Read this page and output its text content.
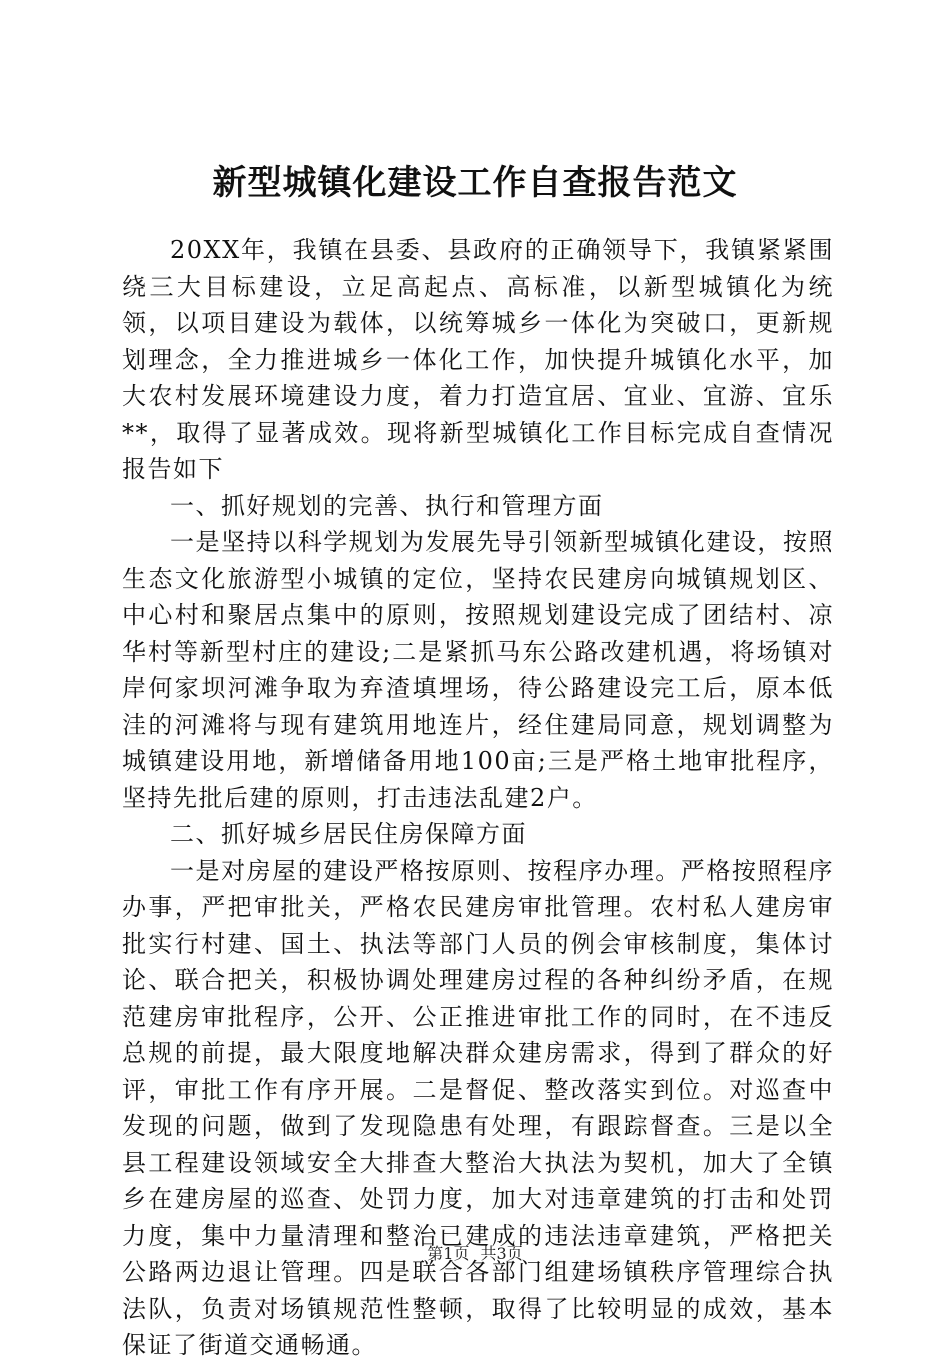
新型城镇化建设工作自查报告范文

20XX年，我镇在县委、县政府的正确领导下，我镇紧紧围绕三大目标建设，立足高起点、高标准，以新型城镇化为统领，以项目建设为载体，以统筹城乡一体化为突破口，更新规划理念，全力推进城乡一体化工作，加快提升城镇化水平，加大农村发展环境建设力度，着力打造宜居、宜业、宜游、宜乐**，取得了显著成效。现将新型城镇化工作目标完成自查情况报告如下

一、抓好规划的完善、执行和管理方面

一是坚持以科学规划为发展先导引领新型城镇化建设，按照生态文化旅游型小城镇的定位，坚持农民建房向城镇规划区、中心村和聚居点集中的原则，按照规划建设完成了团结村、凉华村等新型村庄的建设;二是紧抓马东公路改建机遇，将场镇对岸何家坝河滩争取为弃渣填埋场，待公路建设完工后，原本低洼的河滩将与现有建筑用地连片，经住建局同意，规划调整为城镇建设用地，新增储备用地100亩;三是严格土地审批程序，坚持先批后建的原则，打击违法乱建2户。

二、抓好城乡居民住房保障方面

一是对房屋的建设严格按原则、按程序办理。严格按照程序办事，严把审批关，严格农民建房审批管理。农村私人建房审批实行村建、国土、执法等部门人员的例会审核制度，集体讨论、联合把关，积极协调处理建房过程的各种纠纷矛盾，在规范建房审批程序，公开、公正推进审批工作的同时，在不违反总规的前提，最大限度地解决群众建房需求，得到了群众的好评，审批工作有序开展。二是督促、整改落实到位。对巡查中发现的问题，做到了发现隐患有处理，有跟踪督查。三是以全县工程建设领域安全大排查大整治大执法为契机，加大了全镇乡在建房屋的巡查、处罚力度，加大对违章建筑的打击和处罚力度，集中力量清理和整治已建成的违法违章建筑，严格把关公路两边退让管理。四是联合各部门组建场镇秩序管理综合执法队，负责对场镇规范性整顿，取得了比较明显的成效，基本保证了街道交通畅通。

第1页 共3页
